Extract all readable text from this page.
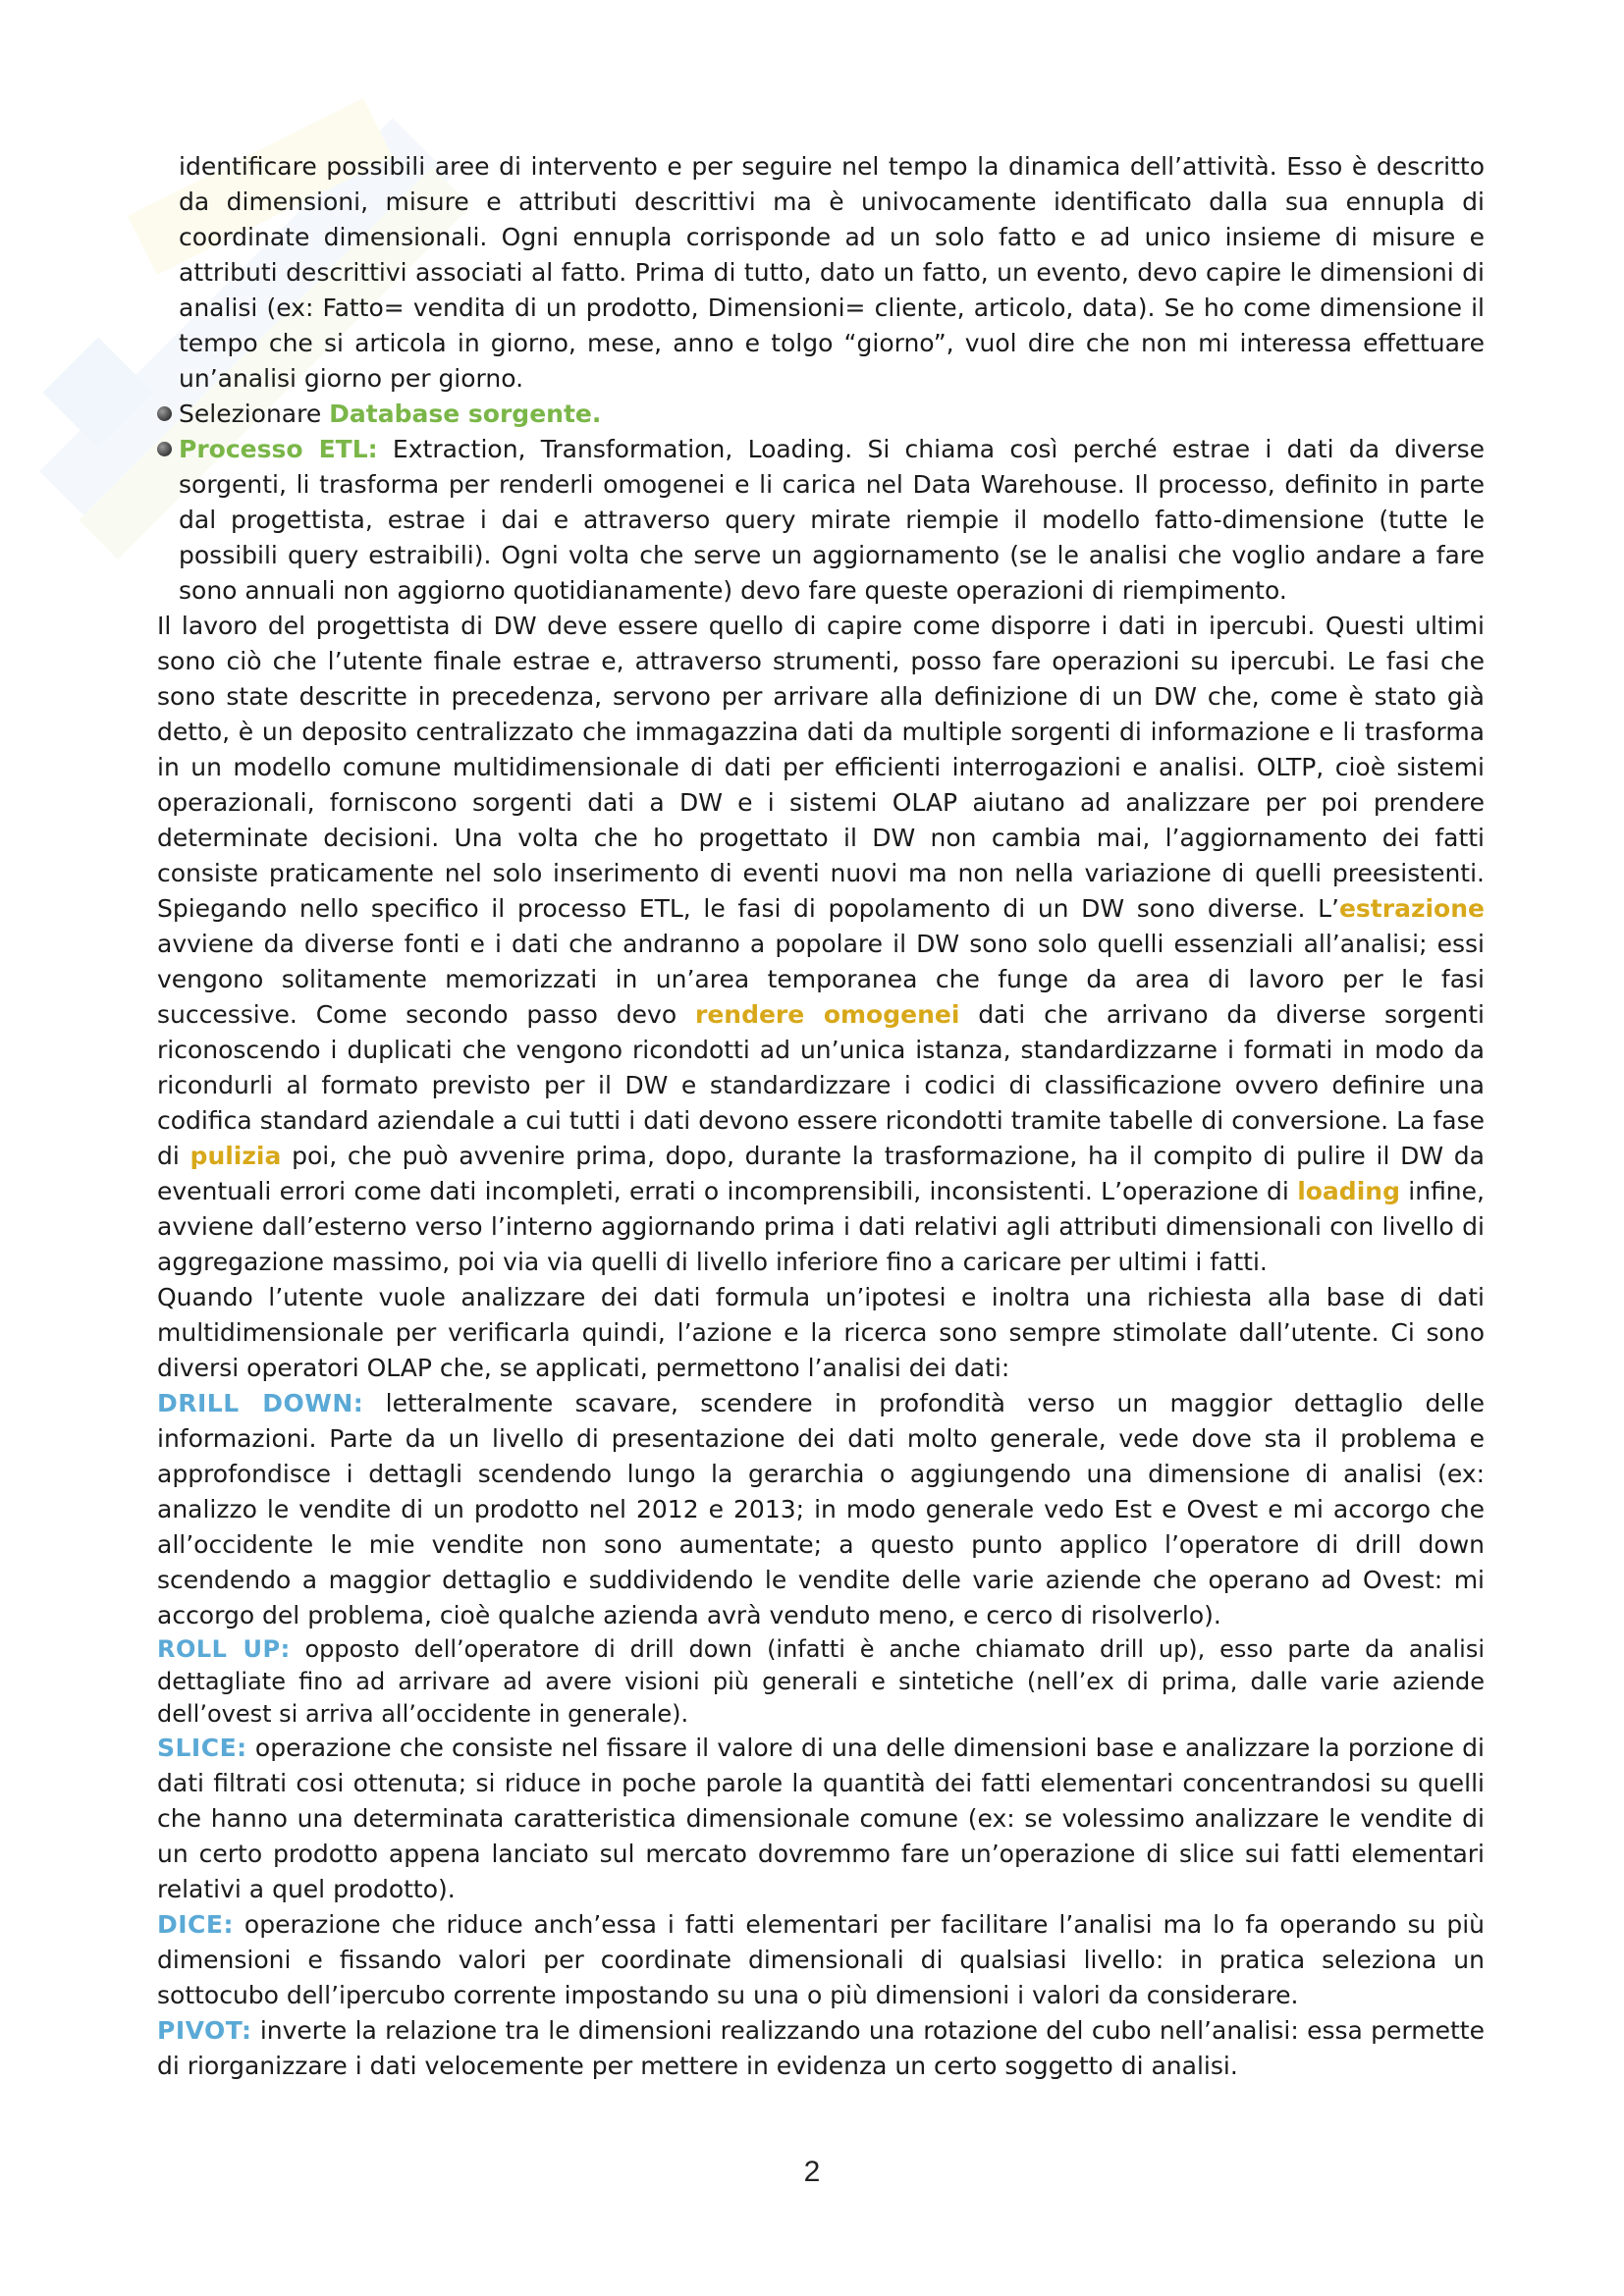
identificare possibili aree di intervento e per seguire nel tempo la dinamica dell’attività. Esso è descritto da dimensioni, misure e attributi descrittivi ma è univocamente identificato dalla sua ennupla di coordinate dimensionali. Ogni ennupla corrisponde ad un solo fatto e ad unico insieme di misure e attributi descrittivi associati al fatto. Prima di tutto, dato un fatto, un evento, devo capire le dimensioni di analisi (ex: Fatto= vendita di un prodotto, Dimensioni= cliente, articolo, data). Se ho come dimensione il tempo che si articola in giorno, mese, anno e tolgo “giorno”, vuol dire che non mi interessa effettuare un’analisi giorno per giorno.

Selezionare Database sorgente.

Processo ETL: Extraction, Transformation, Loading. Si chiama così perché estrae i dati da diverse sorgenti, li trasforma per renderli omogenei e li carica nel Data Warehouse. Il processo, definito in parte dal progettista, estrae i dai e attraverso query mirate riempie il modello fatto-dimensione (tutte le possibili query estraibili). Ogni volta che serve un aggiornamento (se le analisi che voglio andare a fare sono annuali non aggiorno quotidianamente) devo fare queste operazioni di riempimento.

Il lavoro del progettista di DW deve essere quello di capire come disporre i dati in ipercubi. Questi ultimi sono ciò che l’utente finale estrae e, attraverso strumenti, posso fare operazioni su ipercubi. Le fasi che sono state descritte in precedenza, servono per arrivare alla definizione di un DW che, come è stato già detto, è un deposito centralizzato che immagazzina dati da multiple sorgenti di informazione e li trasforma in un modello comune multidimensionale di dati per efficienti interrogazioni e analisi. OLTP, cioè sistemi operazionali, forniscono sorgenti dati a DW e i sistemi OLAP aiutano ad analizzare per poi prendere determinate decisioni. Una volta che ho progettato il DW non cambia mai, l’aggiornamento dei fatti consiste praticamente nel solo inserimento di eventi nuovi ma non nella variazione di quelli preesistenti. Spiegando nello specifico il processo ETL, le fasi di popolamento di un DW sono diverse. L’estrazione avviene da diverse fonti e i dati che andranno a popolare il DW sono solo quelli essenziali all’analisi; essi vengono solitamente memorizzati in un’area temporanea che funge da area di lavoro per le fasi successive. Come secondo passo devo rendere omogenei dati che arrivano da diverse sorgenti riconoscendo i duplicati che vengono ricondotti ad un’unica istanza, standardizzarne i formati in modo da ricondurli al formato previsto per il DW e standardizzare i codici di classificazione ovvero definire una codifica standard aziendale a cui tutti i dati devono essere ricondotti tramite tabelle di conversione. La fase di pulizia poi, che può avvenire prima, dopo, durante la trasformazione, ha il compito di pulire il DW da eventuali errori come dati incompleti, errati o incomprensibili, inconsistenti. L’operazione di loading infine, avviene dall’esterno verso l’interno aggiornando prima i dati relativi agli attributi dimensionali con livello di aggregazione massimo, poi via via quelli di livello inferiore fino a caricare per ultimi i fatti.

Quando l’utente vuole analizzare dei dati formula un’ipotesi e inoltra una richiesta alla base di dati multidimensionale per verificarla quindi, l’azione e la ricerca sono sempre stimolate dall’utente. Ci sono diversi operatori OLAP che, se applicati, permettono l’analisi dei dati:

DRILL DOWN: letteralmente scavare, scendere in profondità verso un maggior dettaglio delle informazioni. Parte da un livello di presentazione dei dati molto generale, vede dove sta il problema e approfondisce i dettagli scendendo lungo la gerarchia o aggiungendo una dimensione di analisi (ex: analizzo le vendite di un prodotto nel 2012 e 2013; in modo generale vedo Est e Ovest e mi accorgo che all’occidente le mie vendite non sono aumentate; a questo punto applico l’operatore di drill down scendendo a maggior dettaglio e suddividendo le vendite delle varie aziende che operano ad Ovest: mi accorgo del problema, cioè qualche azienda avrà venduto meno, e cerco di risolverlo).

ROLL UP: opposto dell’operatore di drill down (infatti è anche chiamato drill up), esso parte da analisi dettagliate fino ad arrivare ad avere visioni più generali e sintetiche (nell’ex di prima, dalle varie aziende dell’ovest si arriva all’occidente in generale).

SLICE: operazione che consiste nel fissare il valore di una delle dimensioni base e analizzare la porzione di dati filtrati cosi ottenuta; si riduce in poche parole la quantità dei fatti elementari concentrandosi su quelli che hanno una determinata caratteristica dimensionale comune (ex: se volessimo analizzare le vendite di un certo prodotto appena lanciato sul mercato dovremmo fare un’operazione di slice sui fatti elementari relativi a quel prodotto).

DICE: operazione che riduce anch’essa i fatti elementari per facilitare l’analisi ma lo fa operando su più dimensioni e fissando valori per coordinate dimensionali di qualsiasi livello: in pratica seleziona un sottocubo dell’ipercubo corrente impostando su una o più dimensioni i valori da considerare.

PIVOT: inverte la relazione tra le dimensioni realizzando una rotazione del cubo nell’analisi: essa permette di riorganizzare i dati velocemente per mettere in evidenza un certo soggetto di analisi.

2
